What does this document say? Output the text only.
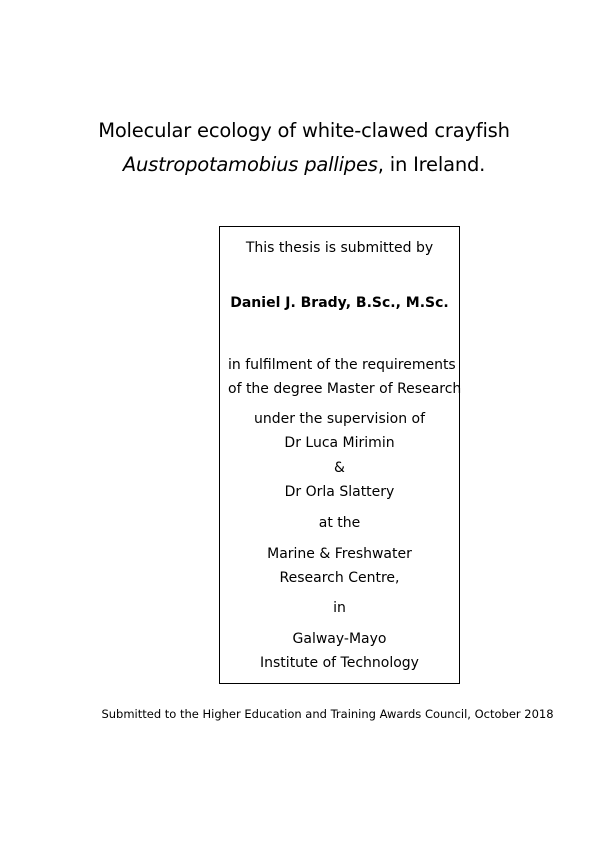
Molecular ecology of white-clawed crayfish
Austropotamobius pallipes, in Ireland.
This thesis is submitted by
Daniel J. Brady, B.Sc., M.Sc.
in fulfilment of the requirements
of the degree Master of Research
under the supervision of
Dr Luca Mirimin
&
Dr Orla Slattery
at the
Marine & Freshwater
Research Centre,
in
Galway-Mayo
Institute of Technology
Submitted to the Higher Education and Training Awards Council, October 2018
